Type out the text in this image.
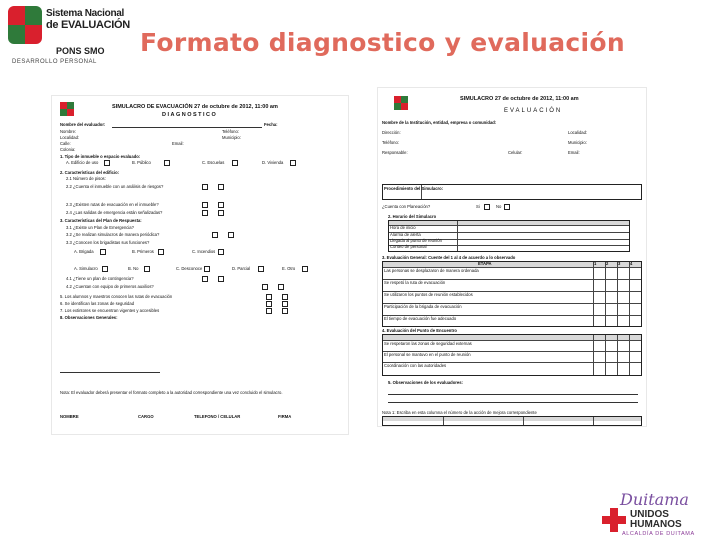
Sistema Nacional
de EVALUACIÓN
PONS SMO
DESARROLLO PERSONAL
Formato diagnostico y evaluación
SIMULACRO DE EVACUACIÓN 27 de octubre de 2012, 11:00 am
DIAGNOSTICO
Nombre del evaluador:	Fecha:
Nombre:	Teléfono:
Localidad:	Municipio:
Calle:	Email:
Colonia:
1. Tipo de inmueble o espacio evaluado:
A. Edificio de uso	B. Público	C. Escuelas	D. Vivienda
2. Características del edificio:
2.1 Número de pisos:
2.2 ¿Cuenta el inmueble con un análisis de riesgos?
2.3 ¿Existen rutas de evacuación en el inmueble?
2.4 ¿Las salidas de emergencia están señalizadas?
3. Características del Plan de Respuesta:
3.1 ¿Existe un Plan de Emergencia?
3.2 ¿Se realizan simulacros de manera periódica?
3.3 ¿Conocen los brigadistas sus funciones?
A. Brigada	B. Primeros	C. Incendios
A. Simulacro	B. No	C. Desconoce	D. Parcial	E. Otro
4.1 ¿Tiene un plan de contingencia?
4.2 ¿Cuentan con equipo de primeros auxilios?
5. Los alumnos y maestros conocen las rutas de evacuación
6. Se identifican las zonas de seguridad
7. Los extintores se encuentran vigentes y accesibles
8. Observaciones Generales:
Nota: El evaluador deberá presentar el formato completo a la autoridad correspondiente una vez concluido el simulacro.
NOMBRE	CARGO	TELEFONO / CELULAR	FIRMA
SIMULACRO 27 de octubre de 2012, 11:00 am
EVALUACIÓN
Nombre de la Institución, entidad, empresa o comunidad:
Dirección:	Localidad:
Teléfono:	Municipio:
Responsable:	Celular:	Email:
Procedimiento del Simulacro:
¿Cuenta con Planeación?	Si	No
2. Horario del Simulacro
Hora de inicio
Alarma de alerta
Llegada al punto de reunión
Conteo de personal
3. Evaluación General: Cuente del 1 al 4 de acuerdo a lo observado
ETAPA	1 2 3 4
Las personas se desplazaron de manera ordenada
Se respetó la ruta de evacuación
Se utilizaron los puntos de reunión establecidos
Participación de la brigada de evacuación
El tiempo de evacuación fue adecuado
4. Evaluación del Punto de Encuentro
Se respetaron las zonas de seguridad externas
El personal se mantuvo en el punto de reunión
Coordinación con las autoridades
5. Observaciones de los evaluadores:
Nota 1: Escriba en esta columna el número de la acción de mejora correspondiente
Duitama
UNIDOS
HUMANOS
ALCALDÍA DE DUITAMA
